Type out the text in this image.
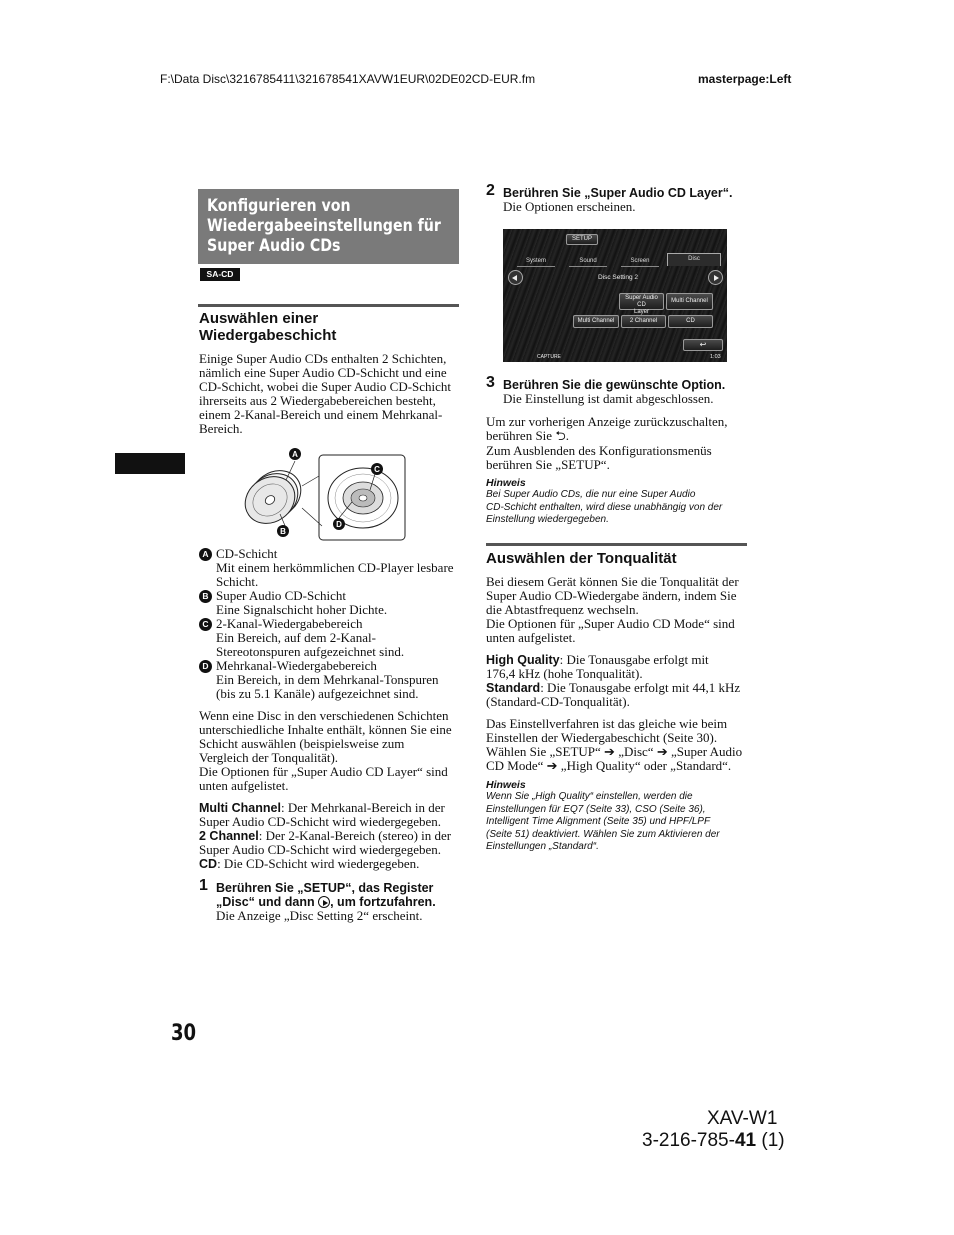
F:\Data Disc\3216785411\321678541XAVW1EUR\02DE02CD-EUR.fm	masterpage:Left
Konfigurieren von
Wiedergabeeinstellungen für
Super Audio CDs
SA-CD
Auswählen einer
Wiedergabeschicht
Einige Super Audio CDs enthalten 2 Schichten,
nämlich eine Super Audio CD-Schicht und eine
CD-Schicht, wobei die Super Audio CD-Schicht
ihrerseits aus 2 Wiedergabebereichen besteht,
einem 2-Kanal-Bereich und einem Mehrkanal-
Bereich.
A
B
C
D
A CD-Schicht
Mit einem herkömmlichen CD-Player lesbare
Schicht.
B Super Audio CD-Schicht
Eine Signalschicht hoher Dichte.
C 2-Kanal-Wiedergabebereich
Ein Bereich, auf dem 2-Kanal-
Stereotonspuren aufgezeichnet sind.
D Mehrkanal-Wiedergabebereich
Ein Bereich, in dem Mehrkanal-Tonspuren
(bis zu 5.1 Kanäle) aufgezeichnet sind.
Wenn eine Disc in den verschiedenen Schichten
unterschiedliche Inhalte enthält, können Sie eine
Schicht auswählen (beispielsweise zum
Vergleich der Tonqualität).
Die Optionen für „Super Audio CD Layer“ sind
unten aufgelistet.
Multi Channel: Der Mehrkanal-Bereich in der
Super Audio CD-Schicht wird wiedergegeben.
2 Channel: Der 2-Kanal-Bereich (stereo) in der
Super Audio CD-Schicht wird wiedergegeben.
CD: Die CD-Schicht wird wiedergegeben.
1 Berühren Sie „SETUP“, das Register
„Disc“ und dann , um fortzufahren.
Die Anzeige „Disc Setting 2“ erscheint.
2 Berühren Sie „Super Audio CD Layer“.
Die Optionen erscheinen.
SETUP
System	Sound	Screen	Disc
Disc Setting 2
Super Audio CD
Layer
Multi Channel
Multi Channel	2 Channel	CD
↩
CAPTURE	1:03
3 Berühren Sie die gewünschte Option.
Die Einstellung ist damit abgeschlossen.
Um zur vorherigen Anzeige zurückzuschalten,
berühren Sie ⮌.
Zum Ausblenden des Konfigurationsmenüs
berühren Sie „SETUP“.
Hinweis
Bei Super Audio CDs, die nur eine Super Audio
CD-Schicht enthalten, wird diese unabhängig von der
Einstellung wiedergegeben.
Auswählen der Tonqualität
Bei diesem Gerät können Sie die Tonqualität der
Super Audio CD-Wiedergabe ändern, indem Sie
die Abtastfrequenz wechseln.
Die Optionen für „Super Audio CD Mode“ sind
unten aufgelistet.
High Quality: Die Tonausgabe erfolgt mit
176,4 kHz (hohe Tonqualität).
Standard: Die Tonausgabe erfolgt mit 44,1 kHz
(Standard-CD-Tonqualität).
Das Einstellverfahren ist das gleiche wie beim
Einstellen der Wiedergabeschicht (Seite 30).
Wählen Sie „SETUP“ ➔ „Disc“ ➔ „Super Audio
CD Mode“ ➔ „High Quality“ oder „Standard“.
Hinweis
Wenn Sie „High Quality“ einstellen, werden die
Einstellungen für EQ7 (Seite 33), CSO (Seite 36),
Intelligent Time Alignment (Seite 35) und HPF/LPF
(Seite 51) deaktiviert. Wählen Sie zum Aktivieren der
Einstellungen „Standard“.
30
XAV-W1
3-216-785-41 (1)
